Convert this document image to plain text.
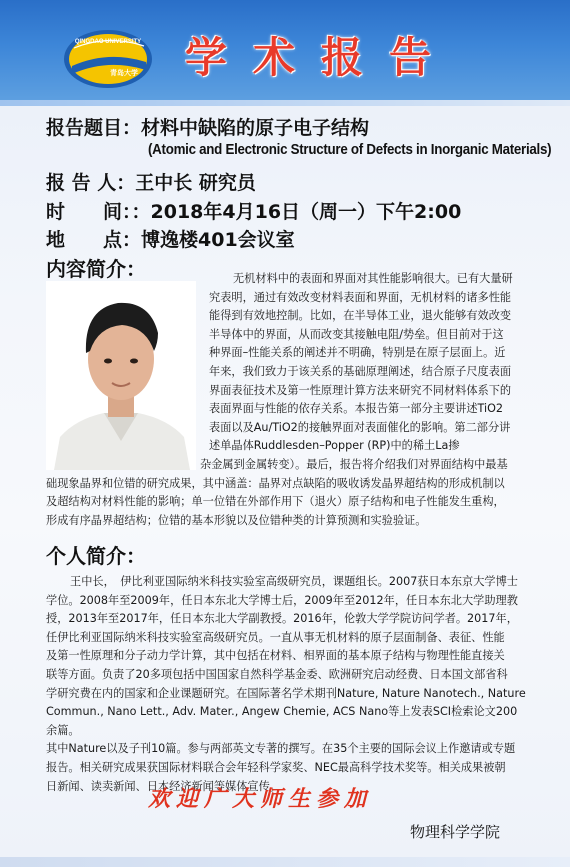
QINGDAO UNIVERSITY
青岛大学 学术报告
报告题目：材料中缺陷的原子电子结构
(Atomic and Electronic Structure of Defects in Inorganic Materials)
报 告 人：王中长 研究员
时　　间：：2018年4月16日（周一）下午2:00
地　　点：博逸楼401会议室
内容简介：	无机材料中的表面和界面对其性能影响很大。已有大量研
究表明，通过有效改变材料表面和界面，无机材料的诸多性能
能得到有效地控制。比如，在半导体工业，退火能够有效改变
半导体中的界面，从而改变其接触电阻/势垒。但目前对于这
种界面–性能关系的阐述并不明确，特别是在原子层面上。近
年来，我们致力于该关系的基础原理阐述，结合原子尺度表面
界面表征技术及第一性原理计算方法来研究不同材料体系下的
表面界面与性能的依存关系。本报告第一部分主要讲述TiO2
表面以及Au/TiO2的接触界面对表面催化的影响。第二部分讲
述单晶体Ruddlesden–Popper (RP)中的稀土La掺
杂金属到金属转变）。最后，报告将介绍我们对界面结构中最基
础现象晶界和位错的研究成果，其中涵盖：晶界对点缺陷的吸收诱发晶界超结构的形成机制以
及超结构对材料性能的影响；单一位错在外部作用下（退火）原子结构和电子性能发生重构，
形成有序晶界超结构；位错的基本形貌以及位错种类的计算预测和实验验证。
个人简介：
王中长，　伊比利亚国际纳米科技实验室高级研究员，课题组长。2007获日本东京大学博士
学位。2008年至2009年，任日本东北大学博士后，2009年至2012年，任日本东北大学助理教
授，2013年至2017年，任日本东北大学副教授。2016年，伦敦大学学院访问学者。2017年，
任伊比利亚国际纳米科技实验室高级研究员。一直从事无机材料的原子层面制备、表征、性能
及第一性原理和分子动力学计算，其中包括在材料、相界面的基本原子结构与物理性能直接关
联等方面。负责了20多项包括中国国家自然科学基金委、欧洲研究启动经费、日本国文部省科
学研究费在内的国家和企业课题研究。在国际著名学术期刊Nature, Nature Nanotech., Nature
Commun., Nano Lett., Adv. Mater., Angew Chemie, ACS Nano等上发表SCI检索论文200余篇。
其中Nature以及子刊10篇。参与两部英文专著的撰写。在35个主要的国际会议上作邀请或专题
报告。相关研究成果获国际材料联合会年轻科学家奖、NEC最高科学技术奖等。相关成果被朝
日新闻、读卖新闻、日本经济新闻等媒体宣传。
欢迎广大师生参加
物理科学学院
